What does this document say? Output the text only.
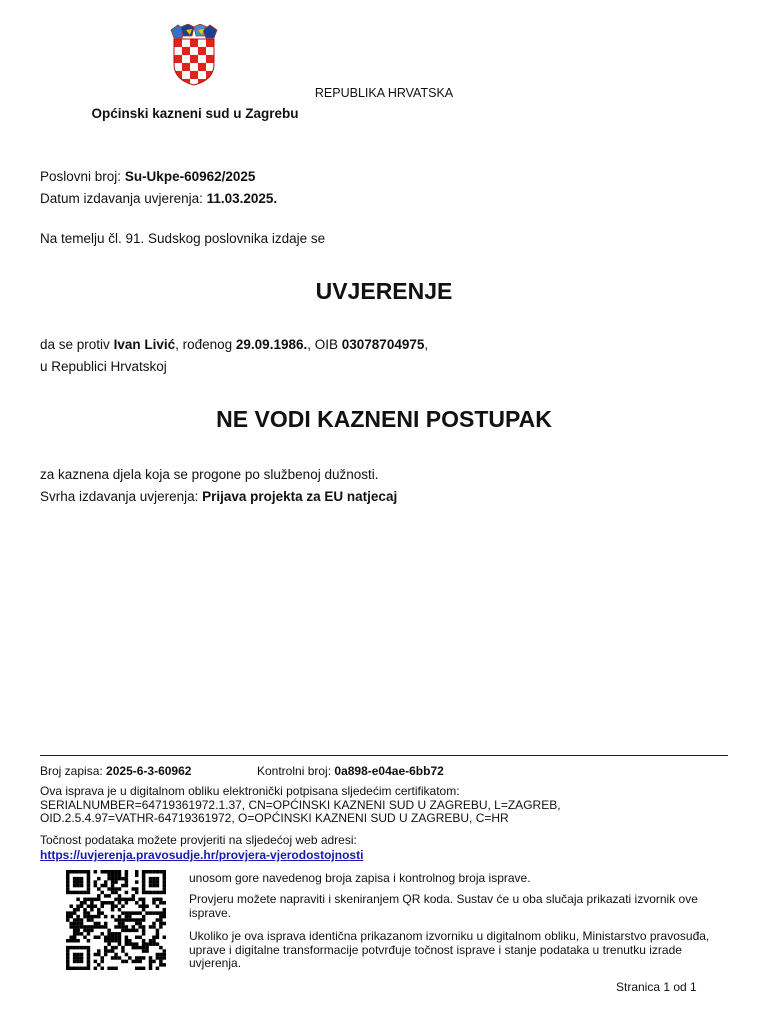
REPUBLIKA HRVATSKA
Općinski kazneni sud u Zagrebu
Poslovni broj: Su-Ukpe-60962/2025
Datum izdavanja uvjerenja: 11.03.2025.
Na temelju čl. 91. Sudskog poslovnika izdaje se
UVJERENJE
da se protiv Ivan Livić, rođenog 29.09.1986., OIB 03078704975,
u Republici Hrvatskoj
NE VODI KAZNENI POSTUPAK
za kaznena djela koja se progone po službenoj dužnosti.
Svrha izdavanja uvjerenja: Prijava projekta za EU natjecaj
Broj zapisa: 2025-6-3-60962	Kontrolni broj: 0a898-e04ae-6bb72
Ova isprava je u digitalnom obliku elektronički potpisana sljedećim certifikatom:
SERIALNUMBER=64719361972.1.37, CN=OPĆINSKI KAZNENI SUD U ZAGREBU, L=ZAGREB,
OID.2.5.4.97=VATHR-64719361972, O=OPĆINSKI KAZNENI SUD U ZAGREBU, C=HR
Točnost podataka možete provjeriti na sljedećoj web adresi:
https://uvjerenja.pravosudje.hr/provjera-vjerodostojnosti
unosom gore navedenog broja zapisa i kontrolnog broja isprave.
Provjeru možete napraviti i skeniranjem QR koda. Sustav će u oba slučaja prikazati izvornik ove isprave.
Ukoliko je ova isprava identična prikazanom izvorniku u digitalnom obliku, Ministarstvo pravosuđa, uprave i digitalne transformacije potvrđuje točnost isprave i stanje podataka u trenutku izrade uvjerenja.
Stranica 1 od 1
